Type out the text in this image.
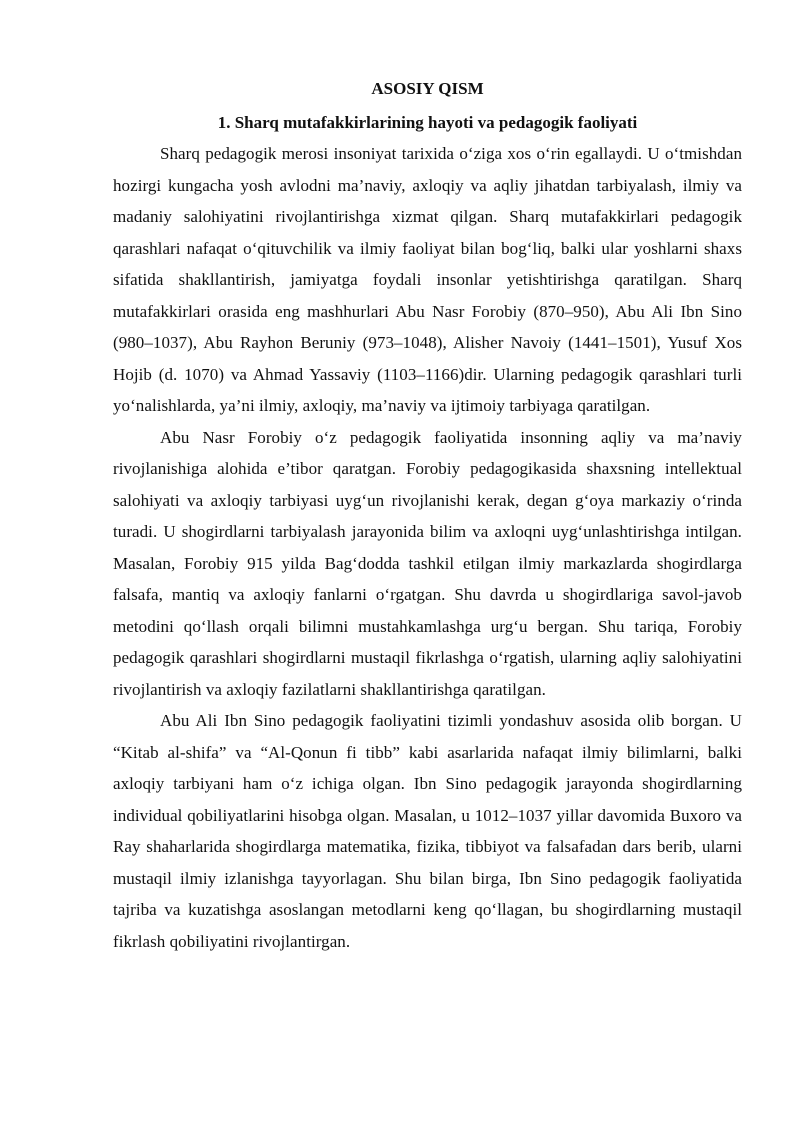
ASOSIY QISM
1. Sharq mutafakkirlarining hayoti va pedagogik faoliyati

Sharq pedagogik merosi insoniyat tarixida o‘ziga xos o‘rin egallaydi. U o‘tmishdan hozirgi kungacha yosh avlodni ma’naviy, axloqiy va aqliy jihatdan tarbiyalash, ilmiy va madaniy salohiyatini rivojlantirishga xizmat qilgan. Sharq mutafakkirlari pedagogik qarashlari nafaqat o‘qituvchilik va ilmiy faoliyat bilan bog‘liq, balki ular yoshlarni shaxs sifatida shakllantirish, jamiyatga foydali insonlar yetishtirishga qaratilgan. Sharq mutafakkirlari orasida eng mashhurlari Abu Nasr Forobiy (870–950), Abu Ali Ibn Sino (980–1037), Abu Rayhon Beruniy (973–1048), Alisher Navoiy (1441–1501), Yusuf Xos Hojib (d. 1070) va Ahmad Yassaviy (1103–1166)dir. Ularning pedagogik qarashlari turli yo‘nalishlarda, ya’ni ilmiy, axloqiy, ma’naviy va ijtimoiy tarbiyaga qaratilgan.

Abu Nasr Forobiy o‘z pedagogik faoliyatida insonning aqliy va ma’naviy rivojlanishiga alohida e’tibor qaratgan. Forobiy pedagogikasida shaxsning intellektual salohiyati va axloqiy tarbiyasi uyg‘un rivojlanishi kerak, degan g‘oya markaziy o‘rinda turadi. U shogirdlarni tarbiyalash jarayonida bilim va axloqni uyg‘unlashtirishga intilgan. Masalan, Forobiy 915 yilda Bag‘dodda tashkil etilgan ilmiy markazlarda shogirdlarga falsafa, mantiq va axloqiy fanlarni o‘rgatgan. Shu davrda u shogirdlariga savol-javob metodini qo‘llash orqali bilimni mustahkamlashga urg‘u bergan. Shu tariqa, Forobiy pedagogik qarashlari shogirdlarni mustaqil fikrlashga o‘rgatish, ularning aqliy salohiyatini rivojlantirish va axloqiy fazilatlarni shakllantirishga qaratilgan.

Abu Ali Ibn Sino pedagogik faoliyatini tizimli yondashuv asosida olib borgan. U “Kitab al-shifa” va “Al-Qonun fi tibb” kabi asarlarida nafaqat ilmiy bilimlarni, balki axloqiy tarbiyani ham o‘z ichiga olgan. Ibn Sino pedagogik jarayonda shogirdlarning individual qobiliyatlarini hisobga olgan. Masalan, u 1012–1037 yillar davomida Buxoro va Ray shaharlarida shogirdlarga matematika, fizika, tibbiyot va falsafadan dars berib, ularni mustaqil ilmiy izlanishga tayyorlagan. Shu bilan birga, Ibn Sino pedagogik faoliyatida tajriba va kuzatishga asoslangan metodlarni keng qo‘llagan, bu shogirdlarning mustaqil fikrlash qobiliyatini rivojlantirgan.
